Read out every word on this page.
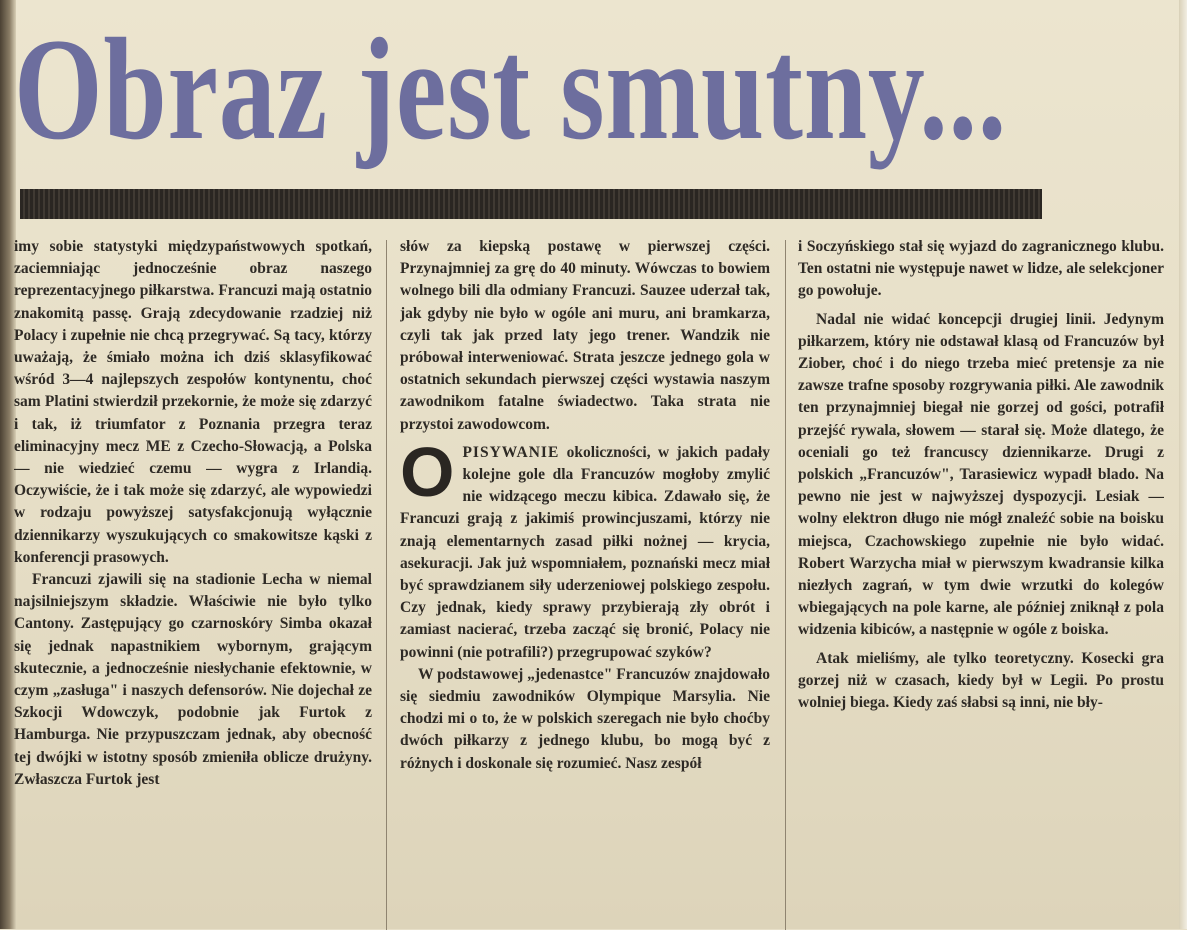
Obraz jest smutny...

imy sobie statystyki międzypaństwowych spotkań, zaciemniając jednocześnie obraz naszego reprezentacyjnego piłkarstwa. Francuzi mają ostatnio znakomitą passę. Grają zdecydowanie rzadziej niż Polacy i zupełnie nie chcą przegrywać. Są tacy, którzy uważają, że śmiało można ich dziś sklasyfikować wśród 3—4 najlepszych zespołów kontynentu, choć sam Platini stwierdził przekornie, że może się zdarzyć i tak, iż triumfator z Poznania przegra teraz eliminacyjny mecz ME z Czecho-Słowacją, a Polska — nie wiedzieć czemu — wygra z Irlandią. Oczywiście, że i tak może się zdarzyć, ale wypowiedzi w rodzaju powyższej satysfakcjonują wyłącznie dziennikarzy wyszukujących co smakowitsze kąski z konferencji prasowych.

Francuzi zjawili się na stadionie Lecha w niemal najsilniejszym składzie. Właściwie nie było tylko Cantony. Zastępujący go czarnoskóry Simba okazał się jednak napastnikiem wybornym, grającym skutecznie, a jednocześnie niesłychanie efektownie, w czym „zasługa" i naszych defensorów. Nie dojechał ze Szkocji Wdowczyk, podobnie jak Furtok z Hamburga. Nie przypuszczam jednak, aby obecność tej dwójki w istotny sposób zmieniła oblicze drużyny. Zwłaszcza Furtok jest

słów za kiepską postawę w pierwszej części. Przynajmniej za grę do 40 minuty. Wówczas to bowiem wolnego bili dla odmiany Francuzi. Sauzee uderzał tak, jak gdyby nie było w ogóle ani muru, ani bramkarza, czyli tak jak przed laty jego trener. Wandzik nie próbował interweniować. Strata jeszcze jednego gola w ostatnich sekundach pierwszej części wystawia naszym zawodnikom fatalne świadectwo. Taka strata nie przystoi zawodowcom.

OPISYWANIE okoliczności, w jakich padały kolejne gole dla Francuzów mogłoby zmylić nie widzącego meczu kibica. Zdawało się, że Francuzi grają z jakimiś prowincjuszami, którzy nie znają elementarnych zasad piłki nożnej — krycia, asekuracji. Jak już wspomniałem, poznański mecz miał być sprawdzianem siły uderzeniowej polskiego zespołu. Czy jednak, kiedy sprawy przybierają zły obrót i zamiast nacierać, trzeba zacząć się bronić, Polacy nie powinni (nie potrafili?) przegrupować szyków?

W podstawowej „jedenastce" Francuzów znajdowało się siedmiu zawodników Olympique Marsylia. Nie chodzi mi o to, że w polskich szeregach nie było choćby dwóch piłkarzy z jednego klubu, bo mogą być z różnych i doskonale się rozumieć. Nasz zespół

i Soczyńskiego stał się wyjazd do zagranicznego klubu. Ten ostatni nie występuje nawet w lidze, ale selekcjoner go powołuje.

Nadal nie widać koncepcji drugiej linii. Jedynym piłkarzem, który nie odstawał klasą od Francuzów był Ziober, choć i do niego trzeba mieć pretensje za nie zawsze trafne sposoby rozgrywania piłki. Ale zawodnik ten przynajmniej biegał nie gorzej od gości, potrafił przejść rywala, słowem — starał się. Może dlatego, że oceniali go też francuscy dziennikarze. Drugi z polskich „Francuzów", Tarasiewicz wypadł blado. Na pewno nie jest w najwyższej dyspozycji. Lesiak — wolny elektron długo nie mógł znaleźć sobie na boisku miejsca, Czachowskiego zupełnie nie było widać. Robert Warzycha miał w pierwszym kwadransie kilka niezłych zagrań, w tym dwie wrzutki do kolegów wbiegających na pole karne, ale później zniknął z pola widzenia kibiców, a następnie w ogóle z boiska.

Atak mieliśmy, ale tylko teoretyczny. Kosecki gra gorzej niż w czasach, kiedy był w Legii. Po prostu wolniej biega. Kiedy zaś słabsi są inni, nie bły-
